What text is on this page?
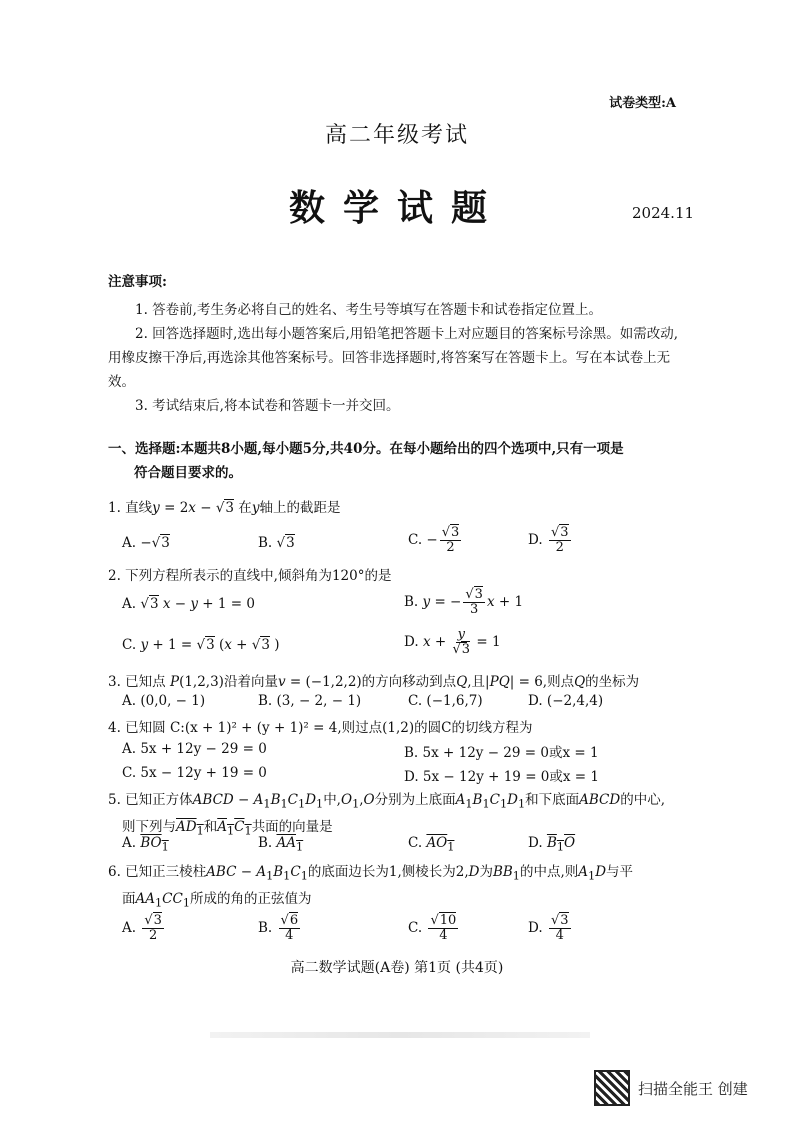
试卷类型:A
高二年级考试
数学试题	2024.11
注意事项:
1. 答卷前,考生务必将自己的姓名、考生号等填写在答题卡和试卷指定位置上。
2. 回答选择题时,选出每小题答案后,用铅笔把答题卡上对应题目的答案标号涂黑。如需改动,用橡皮擦干净后,再选涂其他答案标号。回答非选择题时,将答案写在答题卡上。写在本试卷上无效。
3. 考试结束后,将本试卷和答题卡一并交回。
一、选择题:本题共8小题,每小题5分,共40分。在每小题给出的四个选项中,只有一项是
符合题目要求的。
1. 直线y = 2x − √3 在y轴上的截距是
A. −√3	B. √3	C. − $\frac{√3}{2}$	D. $\frac{√3}{2}$
2. 下列方程所表示的直线中,倾斜角为120°的是
A. √3 x − y + 1 = 0	B. y = − $\frac{√3}{3}$ x + 1
C. y + 1 = √3 (x + √3 )	D. $x + \frac{y}{√3} = 1$
3. 已知点 P(1,2,3)沿着向量v = (−1,2,2)的方向移动到点Q,且|PQ| = 6,则点Q的坐标为
A. (0,0, − 1)	B. (3, − 2, − 1)	C. (−1,6,7)	D. (−2,4,4)
4. 已知圆 C:(x + 1)² + (y + 1)² = 4,则过点(1,2)的圆C的切线方程为
A. 5x + 12y − 29 = 0	B. 5x + 12y − 29 = 0或x = 1
C. 5x − 12y + 19 = 0	D. 5x − 12y + 19 = 0或x = 1
5. 已知正方体ABCD − $A_1B_1C_1D_1$中$,O_1,O$分别为上底面$A_1B_1C_1D_1$和下底面ABCD的中心,
则下列与$AD_1$和$A_1C_1$共面的向量是
A. $BO_1$	B. $AA_1$	C. $AO_1$	D. $B_1O$
6. 已知正三棱柱ABC − $A_1B_1C_1$的底面边长为1,侧棱长为2,D为$BB_1$的中点,则$A_1D$与平
面$AA_1CC_1$所成的角的正弦值为
A. $\frac{√3}{2}$	B. $\frac{√6}{4}$	C. $\frac{√10}{4}$	D. $\frac{√3}{4}$
高二数学试题(A卷) 第1页 (共4页)
扫描全能王 创建
